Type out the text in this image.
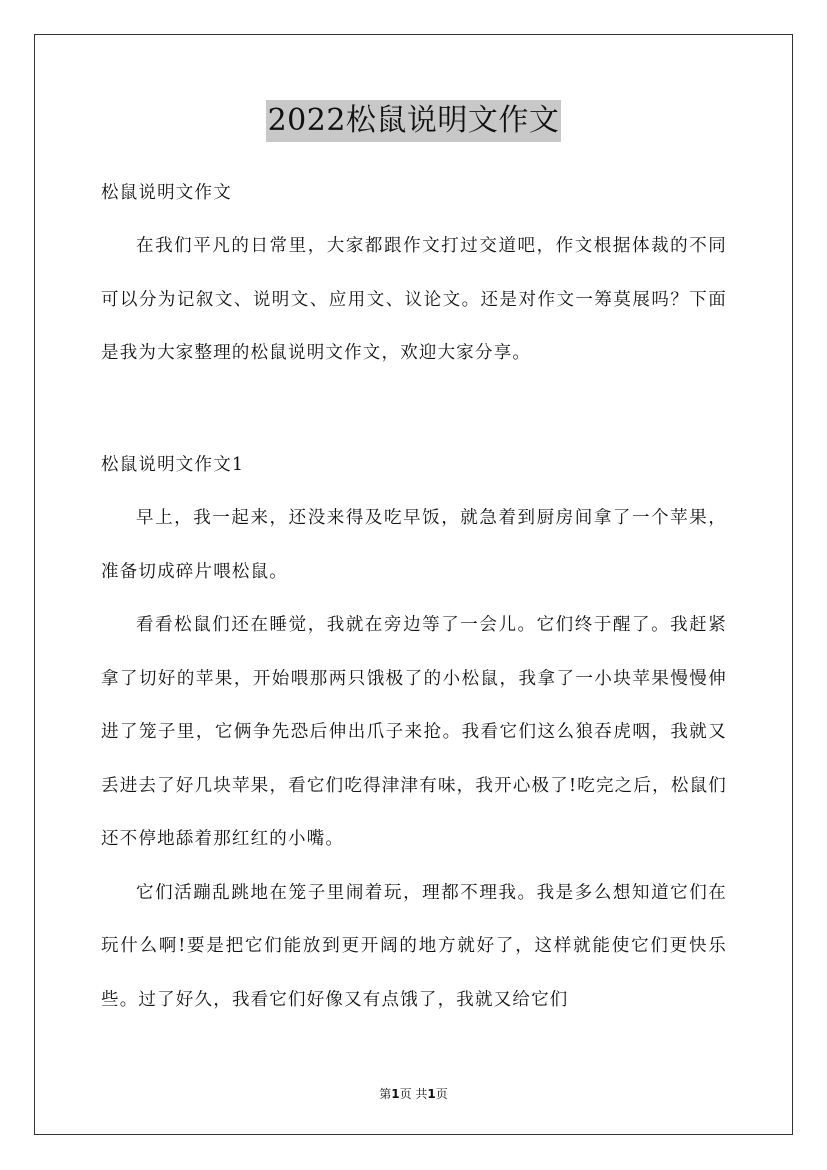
2022松鼠说明文作文
松鼠说明文作文

在我们平凡的日常里，大家都跟作文打过交道吧，作文根据体裁的不同可以分为记叙文、说明文、应用文、议论文。还是对作文一筹莫展吗？下面是我为大家整理的松鼠说明文作文，欢迎大家分享。

松鼠说明文作文1

早上，我一起来，还没来得及吃早饭，就急着到厨房间拿了一个苹果，准备切成碎片喂松鼠。

看看松鼠们还在睡觉，我就在旁边等了一会儿。它们终于醒了。我赶紧拿了切好的苹果，开始喂那两只饿极了的小松鼠，我拿了一小块苹果慢慢伸进了笼子里，它俩争先恐后伸出爪子来抢。我看它们这么狼吞虎咽，我就又丢进去了好几块苹果，看它们吃得津津有味，我开心极了!吃完之后，松鼠们还不停地舔着那红红的小嘴。

它们活蹦乱跳地在笼子里闹着玩，理都不理我。我是多么想知道它们在玩什么啊!要是把它们能放到更开阔的地方就好了，这样就能使它们更快乐些。过了好久，我看它们好像又有点饿了，我就又给它们

第1页 共1页
